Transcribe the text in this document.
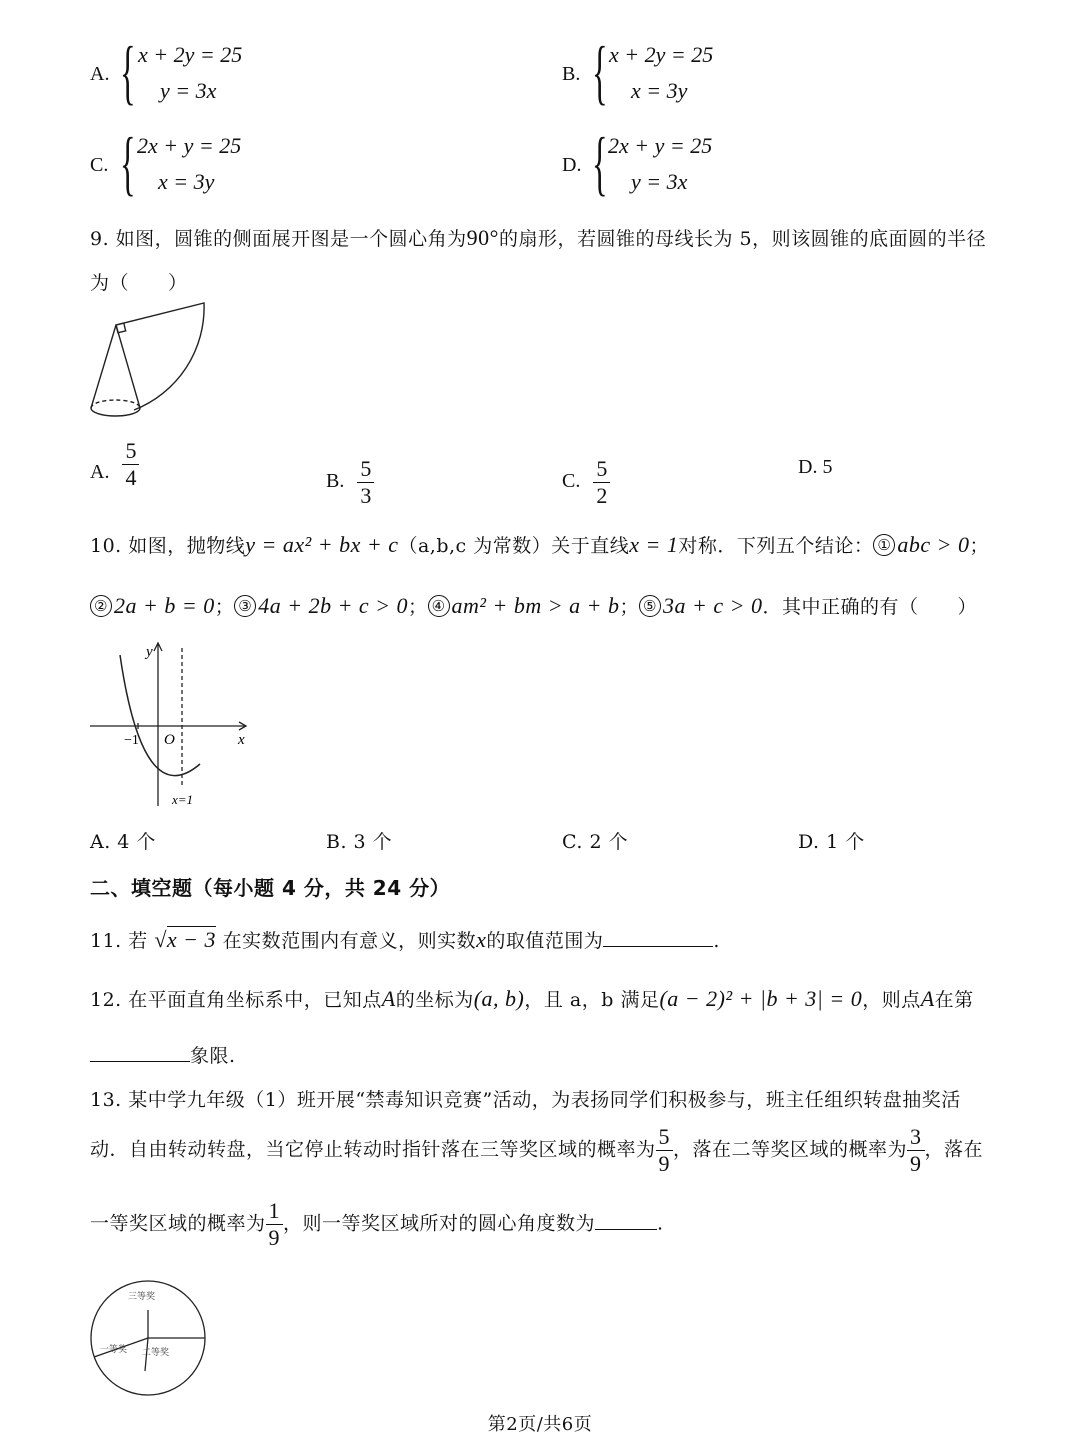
A. { x + 2y = 25
y = 3x
B. { x + 2y = 25
x = 3y
C. { 2x + y = 25
x = 3y
D. { 2x + y = 25
y = 3x
9. 如图，圆锥的侧面展开图是一个圆心角为90°的扇形，若圆锥的母线长为 5，则该圆锥的底面圆的半径
为（　　）
A. $\frac{5}{4}$	B. $\frac{5}{3}$	C. $\frac{5}{2}$	D. 5
10. 如图，抛物线y = ax² + bx + c（a,b,c 为常数）关于直线x = 1对称．下列五个结论： ① abc > 0；
② 2a + b = 0； ③ 4a + 2b + c > 0； ④ am² + bm > a + b； ⑤ 3a + c > 0．其中正确的有（　　）
y
x
O
−1
x=1
A. 4 个	B. 3 个	C. 2 个	D. 1 个
二、填空题（每小题 4 分，共 24 分）
11. 若 √x − 3 在实数范围内有意义，则实数x的取值范围为	.
12. 在平面直角坐标系中，已知点A的坐标为(a, b)，且 a，b 满足(a − 2)² + |b + 3| = 0，则点A在第
象限.
13. 某中学九年级（1）班开展“禁毒知识竞赛”活动，为表扬同学们积极参与，班主任组织转盘抽奖活
动．自由转动转盘，当它停止转动时指针落在三等奖区域的概率为 $\frac{5}{9}$ ，落在二等奖区域的概率为 $\frac{3}{9}$ ，落在
一等奖区域的概率为 $\frac{1}{9}$ ，则一等奖区域所对的圆心角度数为	.
三等奖
一等奖 二等奖
第2页/共6页
